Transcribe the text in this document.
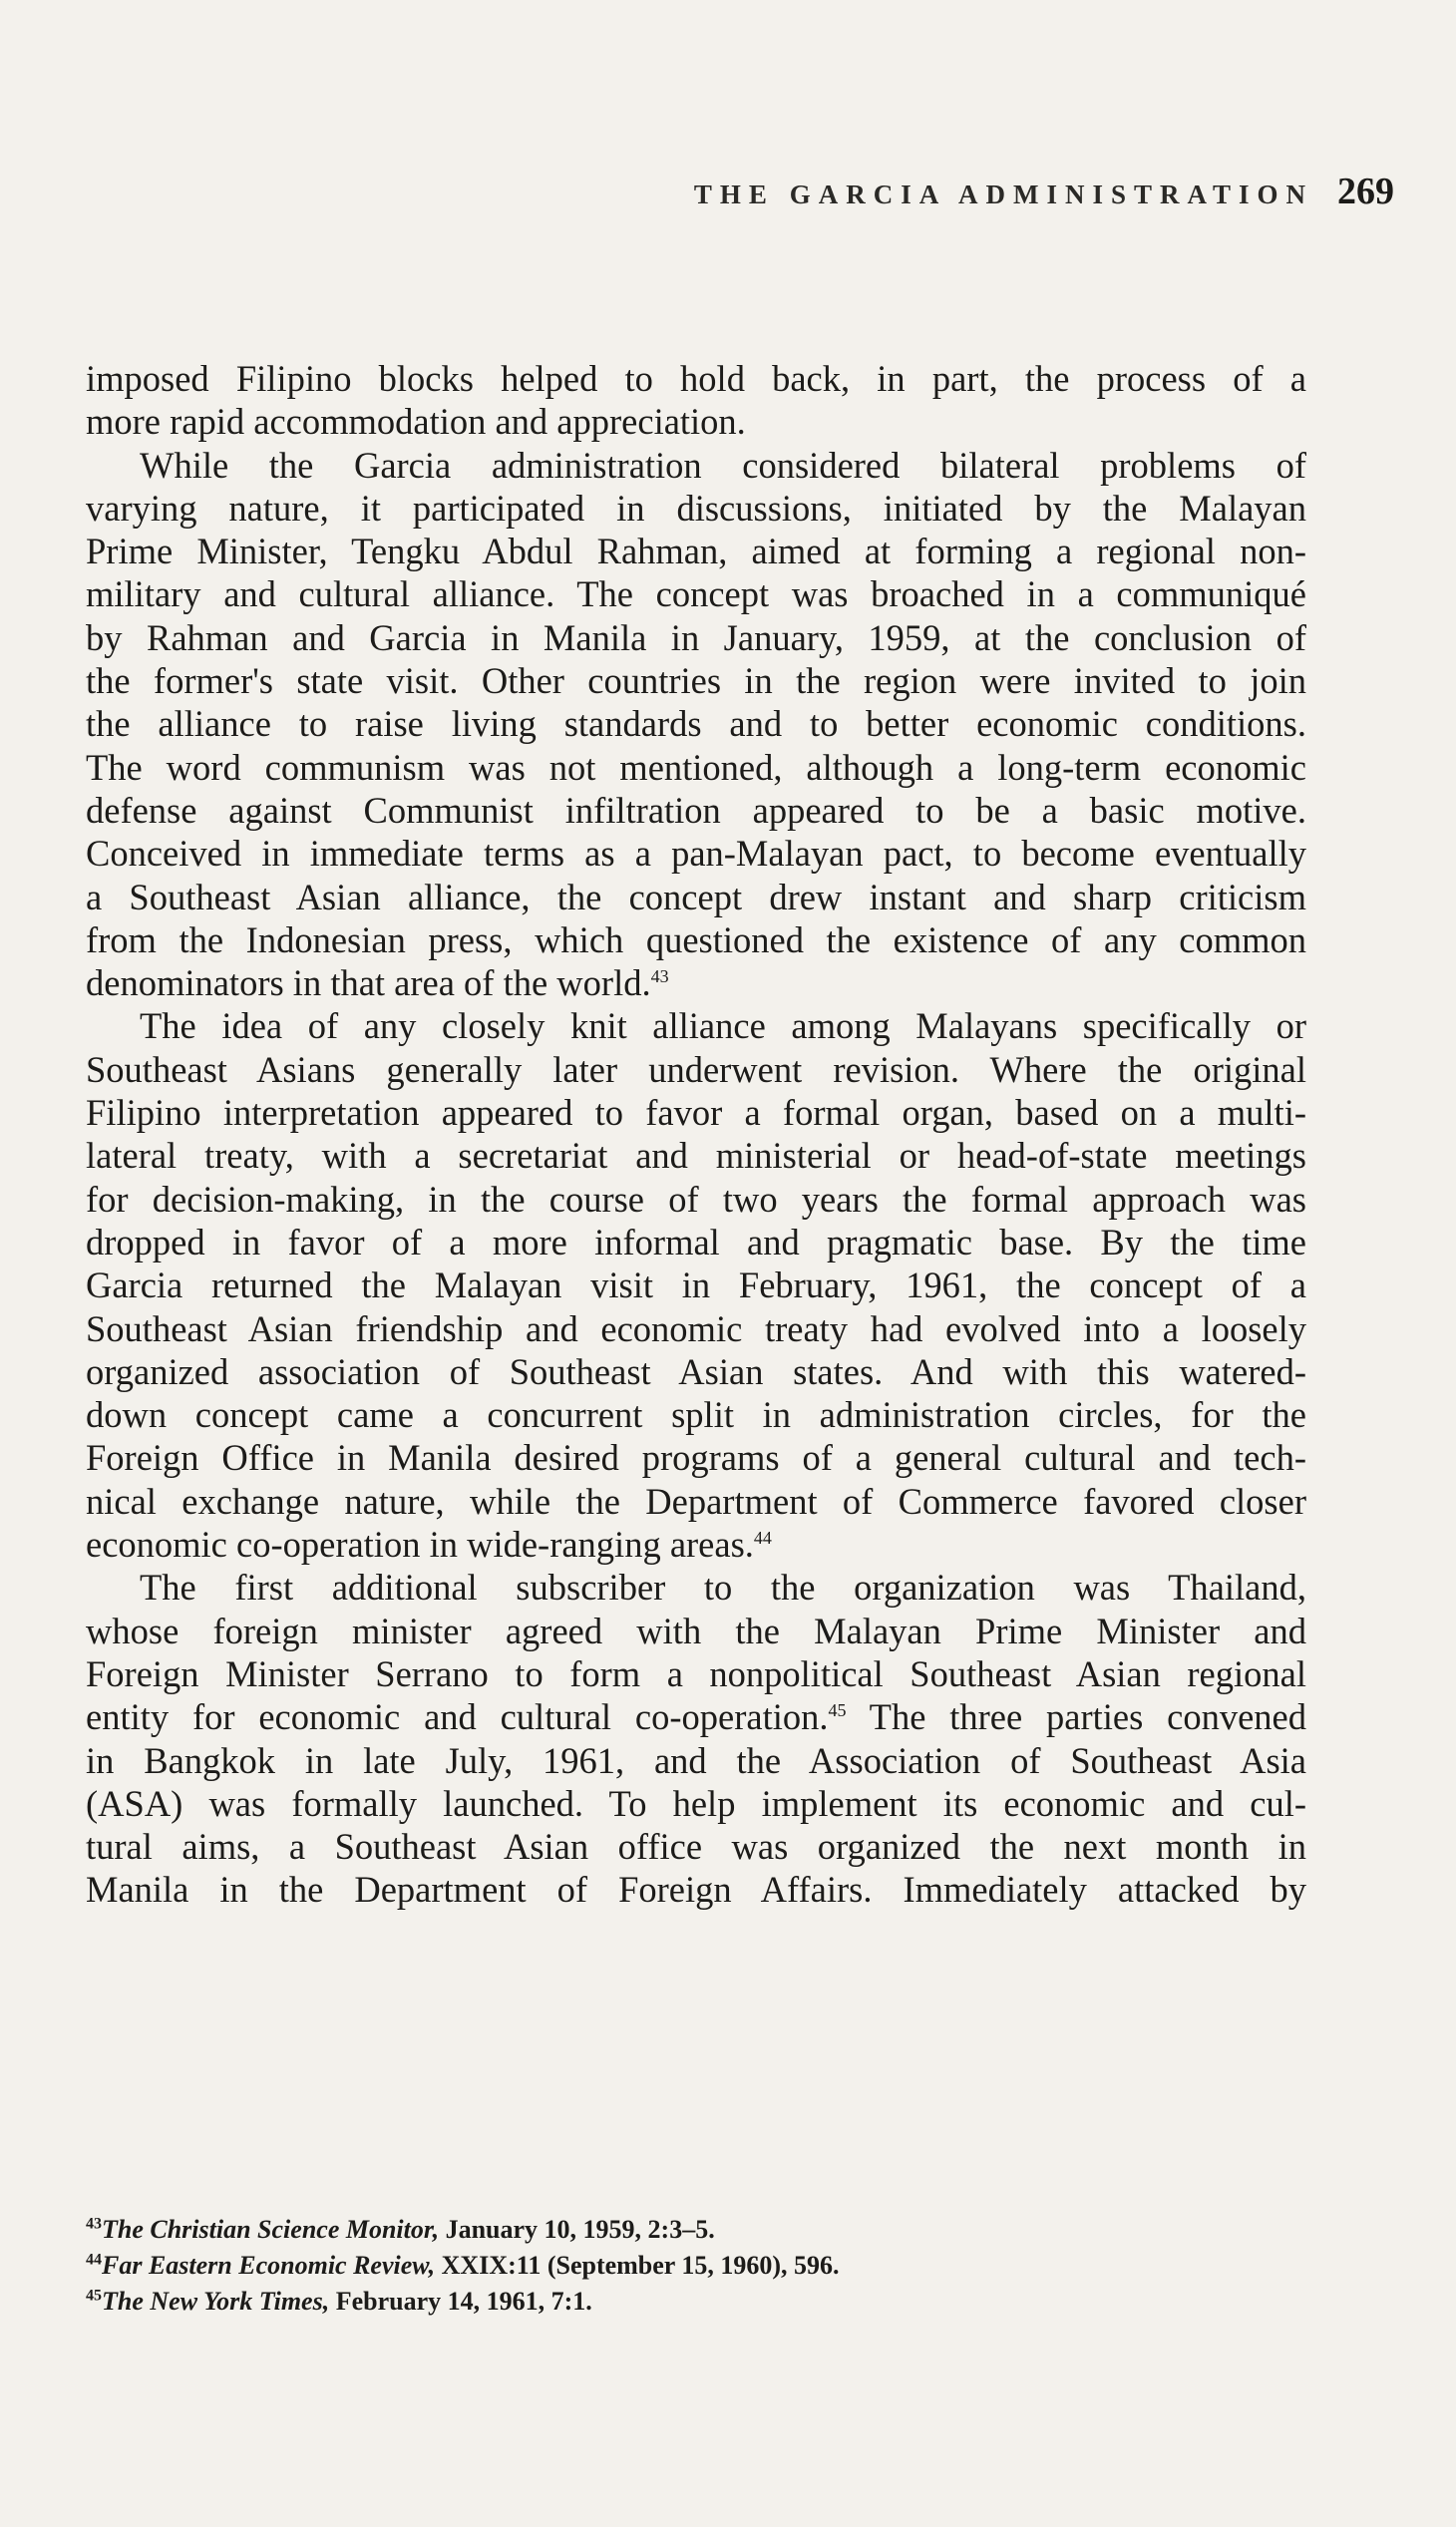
THE GARCIA ADMINISTRATION 269
imposed Filipino blocks helped to hold back, in part, the process of a
more rapid accommodation and appreciation.
While the Garcia administration considered bilateral problems of
varying nature, it participated in discussions, initiated by the Malayan
Prime Minister, Tengku Abdul Rahman, aimed at forming a regional non-
military and cultural alliance. The concept was broached in a communiqué
by Rahman and Garcia in Manila in January, 1959, at the conclusion of
the former's state visit. Other countries in the region were invited to join
the alliance to raise living standards and to better economic conditions.
The word communism was not mentioned, although a long-term economic
defense against Communist infiltration appeared to be a basic motive.
Conceived in immediate terms as a pan-Malayan pact, to become eventually
a Southeast Asian alliance, the concept drew instant and sharp criticism
from the Indonesian press, which questioned the existence of any common
denominators in that area of the world.$^{43}$
The idea of any closely knit alliance among Malayans specifically or
Southeast Asians generally later underwent revision. Where the original
Filipino interpretation appeared to favor a formal organ, based on a multi-
lateral treaty, with a secretariat and ministerial or head-of-state meetings
for decision-making, in the course of two years the formal approach was
dropped in favor of a more informal and pragmatic base. By the time
Garcia returned the Malayan visit in February, 1961, the concept of a
Southeast Asian friendship and economic treaty had evolved into a loosely
organized association of Southeast Asian states. And with this watered-
down concept came a concurrent split in administration circles, for the
Foreign Office in Manila desired programs of a general cultural and tech-
nical exchange nature, while the Department of Commerce favored closer
economic co-operation in wide-ranging areas.$^{44}$
The first additional subscriber to the organization was Thailand,
whose foreign minister agreed with the Malayan Prime Minister and
Foreign Minister Serrano to form a nonpolitical Southeast Asian regional
entity for economic and cultural co-operation.$^{45}$ The three parties convened
in Bangkok in late July, 1961, and the Association of Southeast Asia
(ASA) was formally launched. To help implement its economic and cul-
tural aims, a Southeast Asian office was organized the next month in
Manila in the Department of Foreign Affairs. Immediately attacked by
$^{43}$The Christian Science Monitor, January 10, 1959, 2:3–5.
$^{44}$Far Eastern Economic Review, XXIX:11 (September 15, 1960), 596.
$^{45}$The New York Times, February 14, 1961, 7:1.
